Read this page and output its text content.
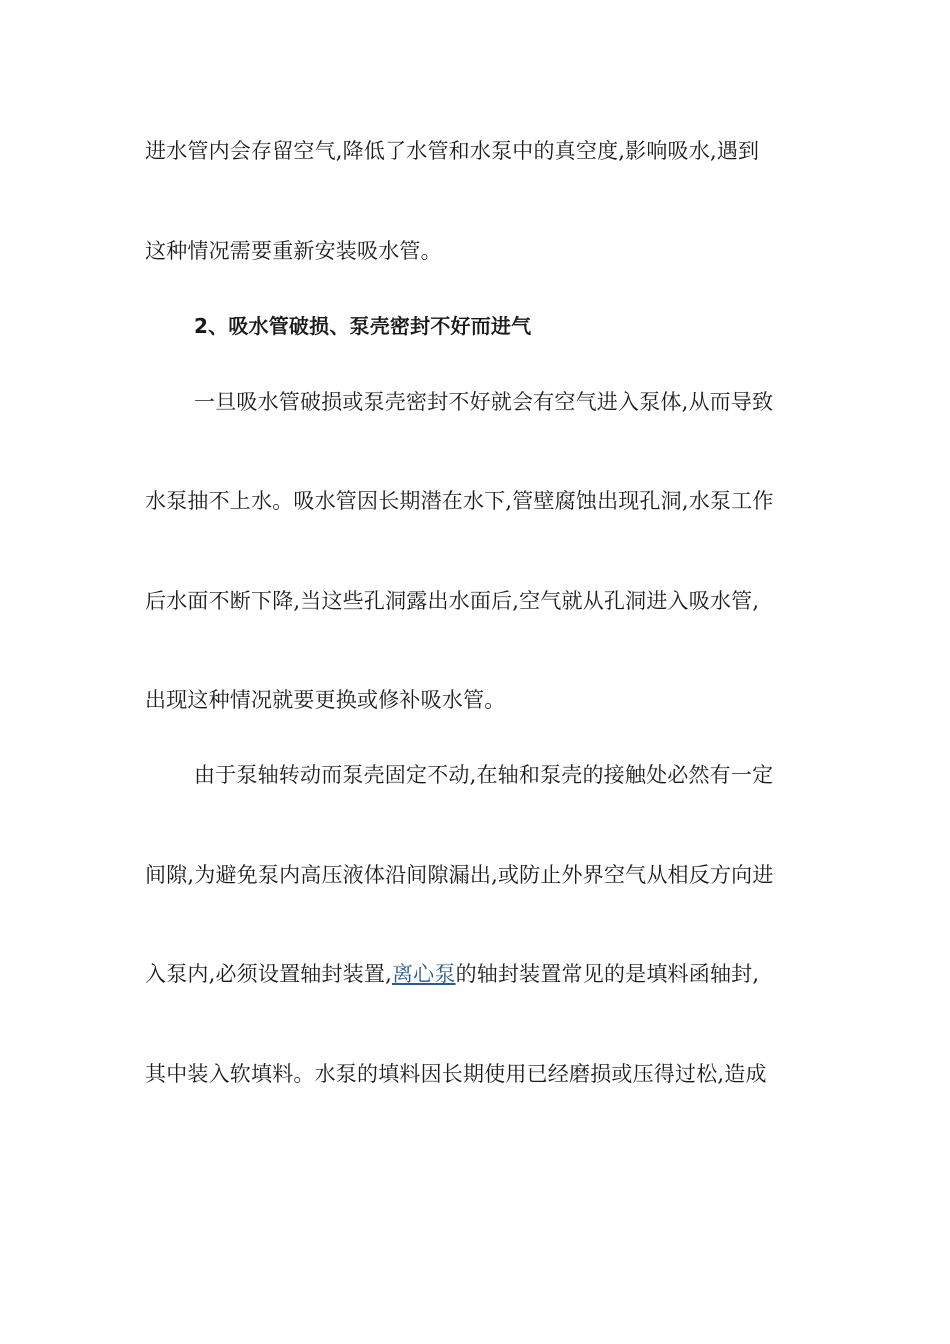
进水管内会存留空气,降低了水管和水泵中的真空度,影响吸水,遇到
这种情况需要重新安装吸水管。
2、吸水管破损、泵壳密封不好而进气
一旦吸水管破损或泵壳密封不好就会有空气进入泵体,从而导致
水泵抽不上水。吸水管因长期潜在水下,管壁腐蚀出现孔洞,水泵工作
后水面不断下降,当这些孔洞露出水面后,空气就从孔洞进入吸水管,
出现这种情况就要更换或修补吸水管。
由于泵轴转动而泵壳固定不动,在轴和泵壳的接触处必然有一定
间隙,为避免泵内高压液体沿间隙漏出,或防止外界空气从相反方向进
入泵内,必须设置轴封装置,离心泵的轴封装置常见的是填料函轴封,
其中装入软填料。水泵的填料因长期使用已经磨损或压得过松,造成
